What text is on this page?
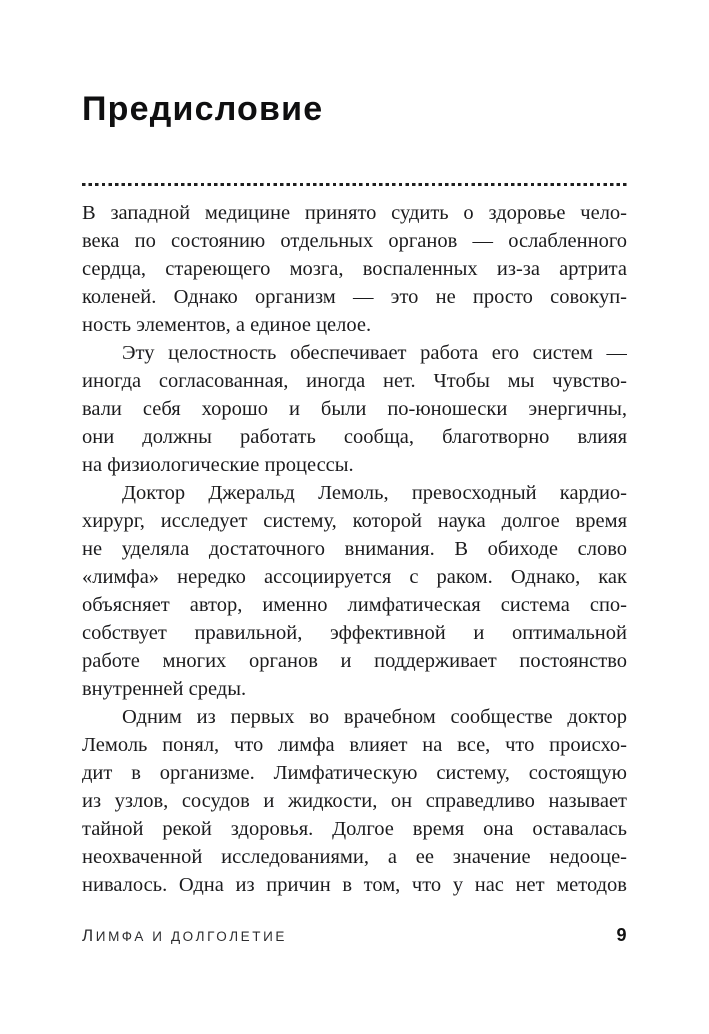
Предисловие

В западной медицине принято судить о здоровье чело-
века по состоянию отдельных органов — ослабленного
сердца, стареющего мозга, воспаленных из-за артрита
коленей. Однако организм — это не просто совокуп-
ность элементов, а единое целое.

Эту целостность обеспечивает работа его систем —
иногда согласованная, иногда нет. Чтобы мы чувство-
вали себя хорошо и были по-юношески энергичны,
они должны работать сообща, благотворно влияя
на физиологические процессы.

Доктор Джеральд Лемоль, превосходный кардио-
хирург, исследует систему, которой наука долгое время
не уделяла достаточного внимания. В обиходе слово
«лимфа» нередко ассоциируется с раком. Однако, как
объясняет автор, именно лимфатическая система спо-
собствует правильной, эффективной и оптимальной
работе многих органов и поддерживает постоянство
внутренней среды.

Одним из первых во врачебном сообществе доктор
Лемоль понял, что лимфа влияет на все, что происхо-
дит в организме. Лимфатическую систему, состоящую
из узлов, сосудов и жидкости, он справедливо называет
тайной рекой здоровья. Долгое время она оставалась
неохваченной исследованиями, а ее значение недооце-
нивалось. Одна из причин в том, что у нас нет методов

ЛИМФА И ДОЛГОЛЕТИЕ	9
